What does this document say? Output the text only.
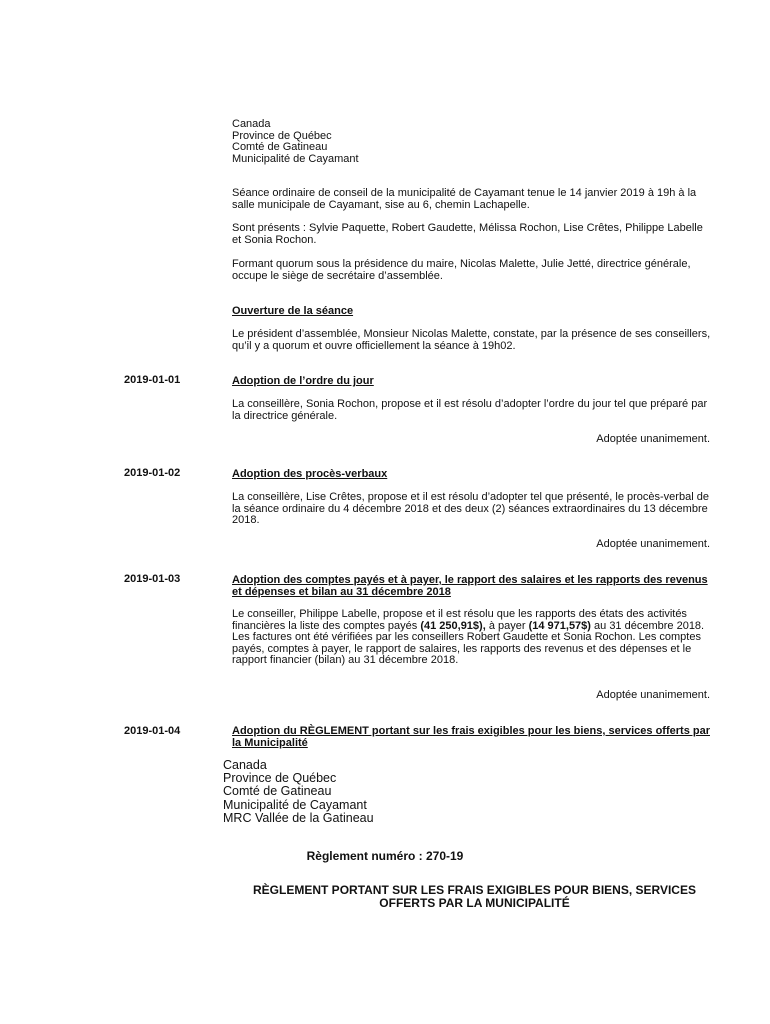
Canada
Province de Québec
Comté de Gatineau
Municipalité de Cayamant
Séance ordinaire de conseil de la municipalité de Cayamant tenue le 14 janvier 2019 à 19h à la salle municipale de Cayamant, sise au 6, chemin Lachapelle.
Sont présents : Sylvie Paquette, Robert Gaudette, Mélissa Rochon, Lise Crêtes, Philippe Labelle et Sonia Rochon.
Formant quorum sous la présidence du maire, Nicolas Malette, Julie Jetté, directrice générale, occupe le siège de secrétaire d’assemblée.
Ouverture de la séance
Le président d’assemblée, Monsieur Nicolas Malette, constate, par la présence de ses conseillers, qu’il y a quorum et ouvre officiellement la séance à 19h02.
2019-01-01	Adoption de l’ordre du jour
La conseillère, Sonia Rochon, propose et il est résolu d’adopter l’ordre du jour tel que préparé par la directrice générale.
Adoptée unanimement.
2019-01-02	Adoption des procès-verbaux
La conseillère, Lise Crêtes, propose et il est résolu d’adopter tel que présenté, le procès-verbal de la séance ordinaire du 4 décembre 2018 et des deux (2) séances extraordinaires du 13 décembre 2018.
Adoptée unanimement.
2019-01-03	Adoption des comptes payés et à payer, le rapport des salaires et les rapports des revenus et dépenses et bilan au 31 décembre 2018
Le conseiller, Philippe Labelle, propose et il est résolu que les rapports des états des activités financières la liste des comptes payés (41 250,91$), à payer (14 971,57$) au 31 décembre 2018. Les factures ont été vérifiées par les conseillers Robert Gaudette et Sonia Rochon. Les comptes payés, comptes à payer, le rapport de salaires, les rapports des revenus et des dépenses et le rapport financier (bilan) au 31 décembre 2018.
Adoptée unanimement.
2019-01-04	Adoption du RÈGLEMENT portant sur les frais exigibles pour les biens, services offerts par la Municipalité
Canada
Province de Québec
Comté de Gatineau
Municipalité de Cayamant
MRC Vallée de la Gatineau
Règlement numéro : 270-19
RÈGLEMENT PORTANT SUR LES FRAIS EXIGIBLES POUR BIENS, SERVICES OFFERTS PAR LA MUNICIPALITÉ
